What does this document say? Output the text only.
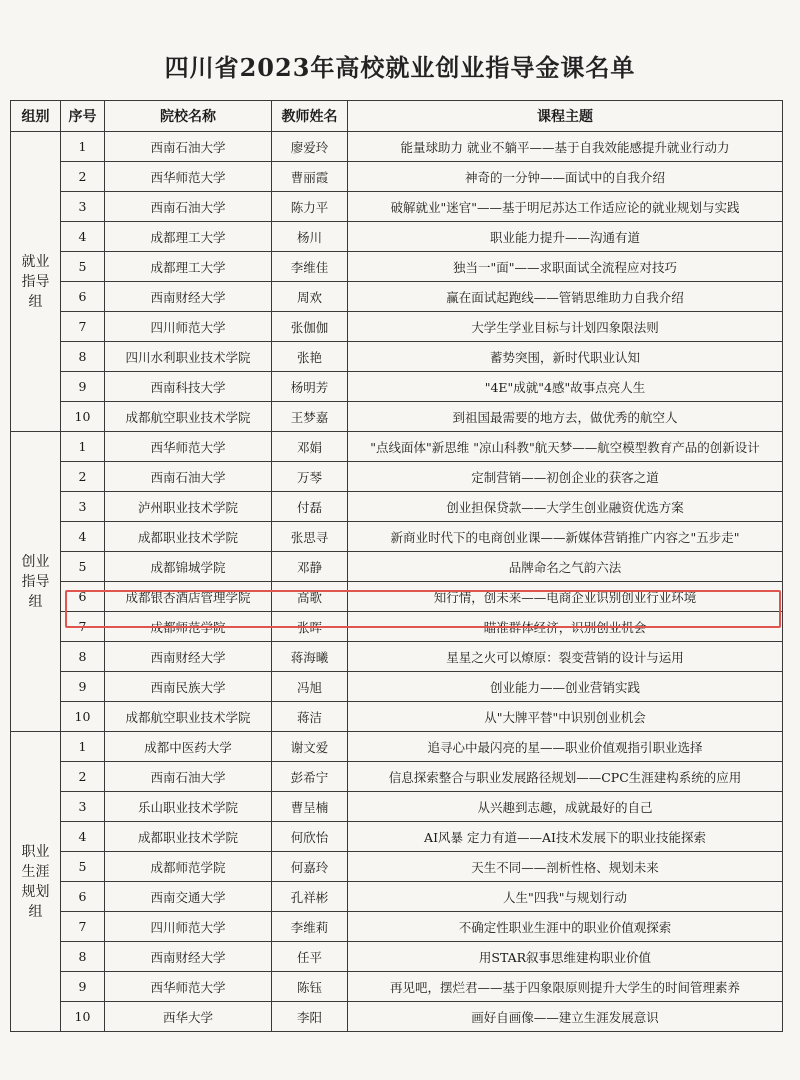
四川省2023年高校就业创业指导金课名单
组别	序号	院校名称	教师姓名	课程主题
就业
指导组	1	西南石油大学	廖爱玲	能量球助力 就业不躺平——基于自我效能感提升就业行动力
	2	西华师范大学	曹丽霞	神奇的一分钟——面试中的自我介绍
	3	西南石油大学	陈力平	破解就业"迷官"——基于明尼苏达工作适应论的就业规划与实践
	4	成都理工大学	杨川	职业能力提升——沟通有道
	5	成都理工大学	李维佳	独当一"面"——求职面试全流程应对技巧
	6	西南财经大学	周欢	赢在面试起跑线——管销思维助力自我介绍
	7	四川师范大学	张伽伽	大学生学业目标与计划四象限法则
	8	四川水利职业技术学院	张艳	蓄势突围，新时代职业认知
	9	西南科技大学	杨明芳	"4E"成就"4感"故事点亮人生
	10	成都航空职业技术学院	王梦嘉	到祖国最需要的地方去，做优秀的航空人
创业
指导组	1	西华师范大学	邓娟	"点线面体"新思维 "凉山科教"航天梦——航空模型教育产品的创新设计
	2	西南石油大学	万琴	定制营销——初创企业的获客之道
	3	泸州职业技术学院	付磊	创业担保贷款——大学生创业融资优选方案
	4	成都职业技术学院	张思寻	新商业时代下的电商创业课——新媒体营销推广内容之"五步走"
	5	成都锦城学院	邓静	品牌命名之气韵六法
	6	成都银杏酒店管理学院	高歌	知行情，创未来——电商企业识别创业行业环境
	7	成都师范学院	张晖	瞄准群体经济，识别创业机会
	8	西南财经大学	蒋海曦	星星之火可以燎原：裂变营销的设计与运用
	9	西南民族大学	冯旭	创业能力——创业营销实践
	10	成都航空职业技术学院	蒋洁	从"大牌平替"中识别创业机会
职业
生涯
规划组	1	成都中医药大学	谢文爱	追寻心中最闪亮的星——职业价值观指引职业选择
	2	西南石油大学	彭希宁	信息探索整合与职业发展路径规划——CPC生涯建构系统的应用
	3	乐山职业技术学院	曹呈楠	从兴趣到志趣，成就最好的自己
	4	成都职业技术学院	何欣怡	AI风暴 定力有道——AI技术发展下的职业技能探索
	5	成都师范学院	何嘉玲	天生不同——剖析性格、规划未来
	6	西南交通大学	孔祥彬	人生"四我"与规划行动
	7	四川师范大学	李维莉	不确定性职业生涯中的职业价值观探索
	8	西南财经大学	任平	用STAR叙事思维建构职业价值
	9	西华师范大学	陈钰	再见吧，摆烂君——基于四象限原则提升大学生的时间管理素养
	10	西华大学	李阳	画好自画像——建立生涯发展意识
